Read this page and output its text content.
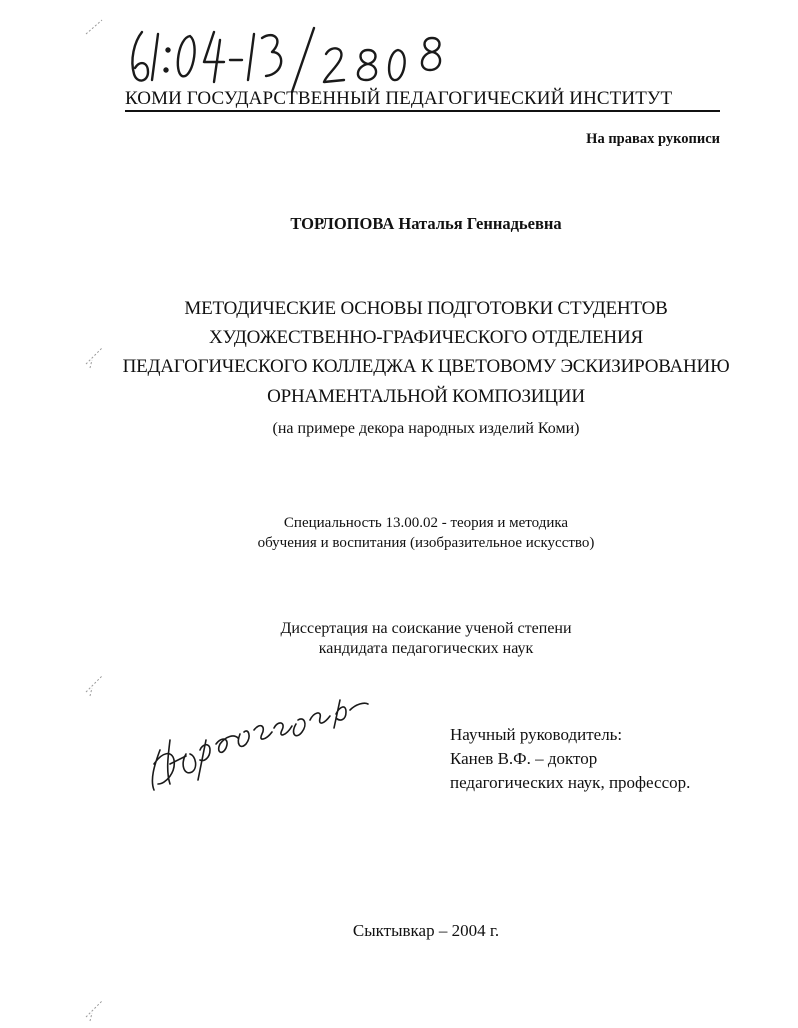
КОМИ ГОСУДАРСТВЕННЫЙ ПЕДАГОГИЧЕСКИЙ ИНСТИТУТ
На правах рукописи
ТОРЛОПОВА Наталья Геннадьевна
МЕТОДИЧЕСКИЕ ОСНОВЫ ПОДГОТОВКИ СТУДЕНТОВ
ХУДОЖЕСТВЕННО-ГРАФИЧЕСКОГО ОТДЕЛЕНИЯ
ПЕДАГОГИЧЕСКОГО КОЛЛЕДЖА К ЦВЕТОВОМУ ЭСКИЗИРОВАНИЮ
ОРНАМЕНТАЛЬНОЙ КОМПОЗИЦИИ
(на примере декора народных изделий Коми)
Специальность 13.00.02 - теория и методика
обучения и воспитания (изобразительное искусство)
Диссертация на соискание ученой степени
кандидата педагогических наук
Научный руководитель:
Канев В.Ф. – доктор
педагогических наук, профессор.
Сыктывкар – 2004 г.
